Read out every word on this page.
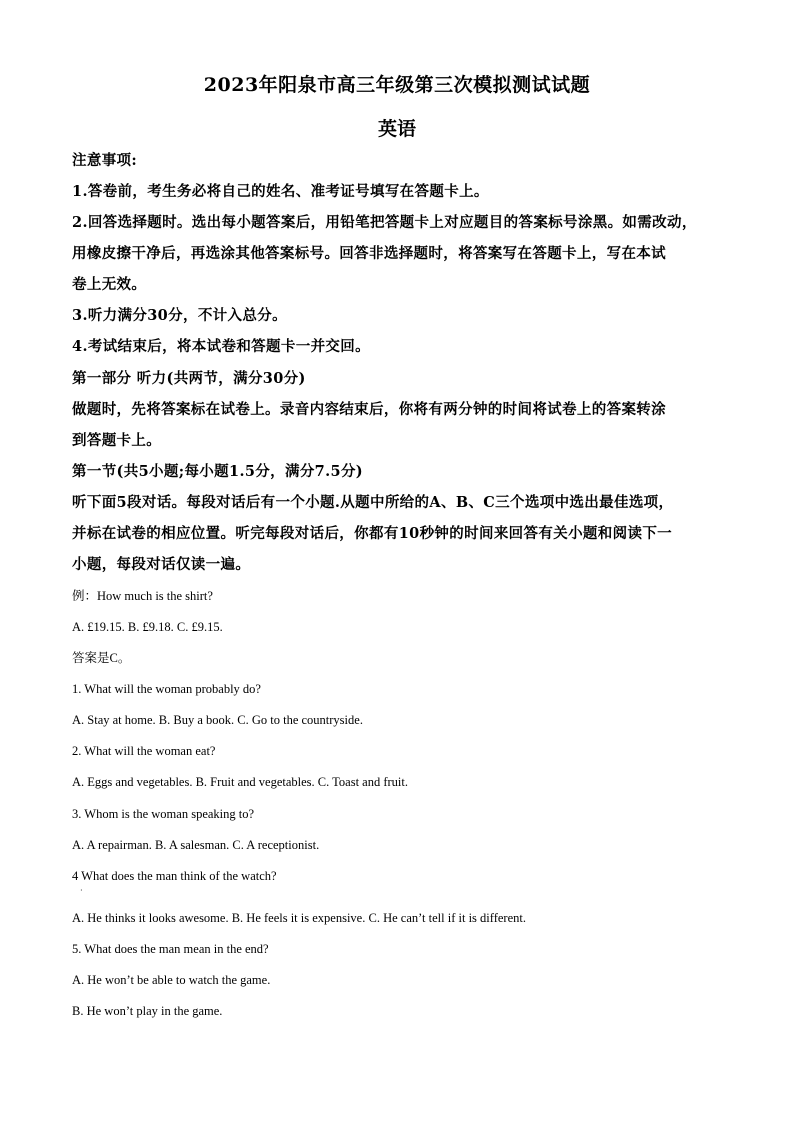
2023年阳泉市高三年级第三次模拟测试试题
英语
注意事项:
1.答卷前，考生务必将自己的姓名、准考证号填写在答题卡上。
2.回答选择题时。选出每小题答案后，用铅笔把答题卡上对应题目的答案标号涂黑。如需改动，
用橡皮擦干净后，再选涂其他答案标号。回答非选择题时，将答案写在答题卡上，写在本试
卷上无效。
3.听力满分30分，不计入总分。
4.考试结束后，将本试卷和答题卡一并交回。
第一部分 听力(共两节，满分30分)
做题时，先将答案标在试卷上。录音内容结束后，你将有两分钟的时间将试卷上的答案转涂
到答题卡上。
第一节(共5小题;每小题1.5分，满分7.5分)
听下面5段对话。每段对话后有一个小题.从题中所给的A、B、C三个选项中选出最佳选项，
并标在试卷的相应位置。听完每段对话后，你都有10秒钟的时间来回答有关小题和阅读下一
小题，每段对话仅读一遍。
例：How much is the shirt?
A. £19.15. B. £9.18. C. £9.15.
答案是C。
1. What will the woman probably do?
A. Stay at home. B. Buy a book. C. Go to the countryside.
2. What will the woman eat?
A. Eggs and vegetables. B. Fruit and vegetables. C. Toast and fruit.
3. Whom is the woman speaking to?
A. A repairman. B. A salesman. C. A receptionist.
4 What does the man think of the watch?
·
A. He thinks it looks awesome. B. He feels it is expensive. C. He can’t tell if it is different.
5. What does the man mean in the end?
A. He won’t be able to watch the game.
B. He won’t play in the game.
